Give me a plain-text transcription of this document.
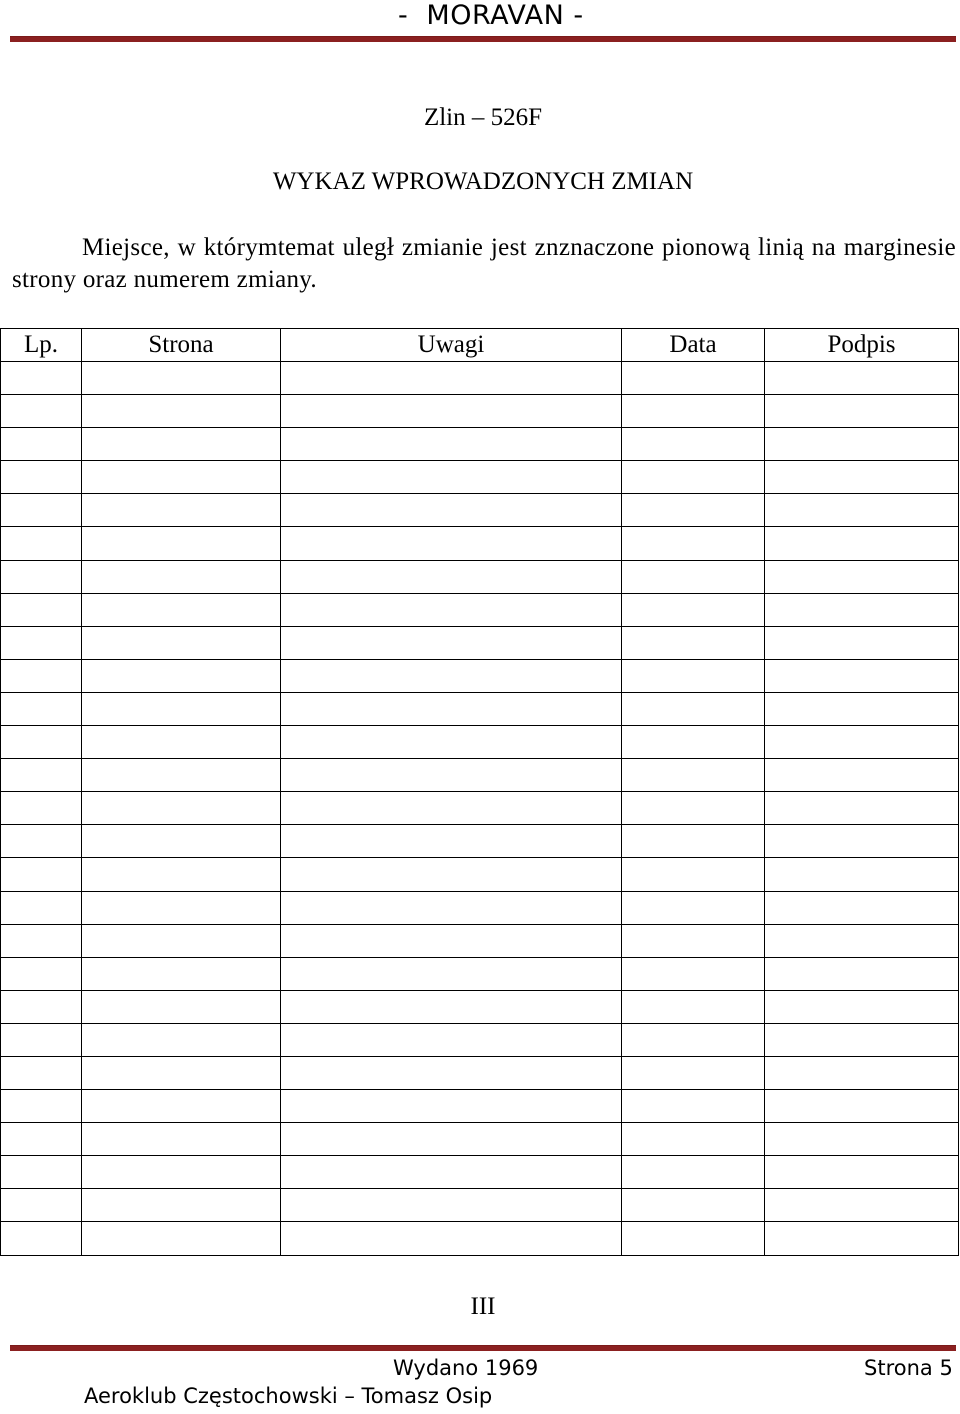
-  MORAVAN -
Zlin – 526F
WYKAZ WPROWADZONYCH ZMIAN
Miejsce, w którymtemat uległ zmianie jest znznaczone pionową linią na marginesie strony oraz numerem zmiany.
Lp.	Strona	Uwagi	Data	Podpis

III
Wydano 1969	Strona 5
Aeroklub Częstochowski – Tomasz Osip
